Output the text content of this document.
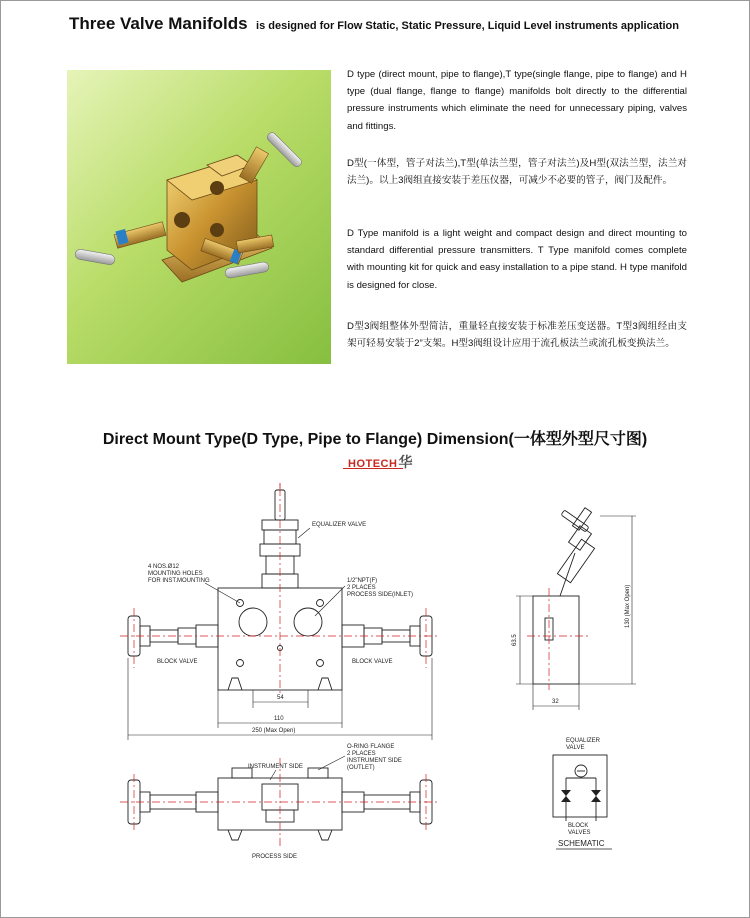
Three Valve Manifolds is designed for Flow Static, Static Pressure, Liquid Level instruments application

D type (direct mount, pipe to flange),T type(single flange, pipe to flange) and H type (dual flange, flange to flange) manifolds bolt directly to the differential pressure instruments which eliminate the need for unnecessary piping, valves and fittings.

D型(一体型，管子对法兰),T型(单法兰型，管子对法兰)及H型(双法兰型，法兰对法兰)。以上3阀组直接安装于差压仪器，可减少不必要的管子，阀门及配件。

D Type manifold is a light weight and compact design and direct mounting to standard differential pressure transmitters. T Type manifold comes complete with mounting kit for quick and easy installation to a pipe stand. H type manifold is designed for close.

D型3阀组整体外型简洁，重量轻直接安装于标准差压变送器。T型3阀组经由支架可轻易安装于2”支架。H型3阀组设计应用于流孔板法兰或流孔板变换法兰。

Direct Mount Type(D Type, Pipe to Flange) Dimension(一体型外型尺寸图)
HOTECH华
EQUALIZER VALVE
4 NOS.Ø12
MOUNTING HOLES
FOR INST.MOUNTING	1/2"NPT(F)
2 PLACES
PROCESS SIDE(INLET)
BLOCK VALVE	BLOCK VALVE
54
110
250 (Max Open)
63.5
130 (Max Open)
32
O-RING FLANGE
2 PLACES
INSTRUMENT SIDE
(OUTLET)
INSTRUMENT SIDE
PROCESS SIDE
EQUALIZER
VALVE
BLOCK
VALVES
SCHEMATIC
